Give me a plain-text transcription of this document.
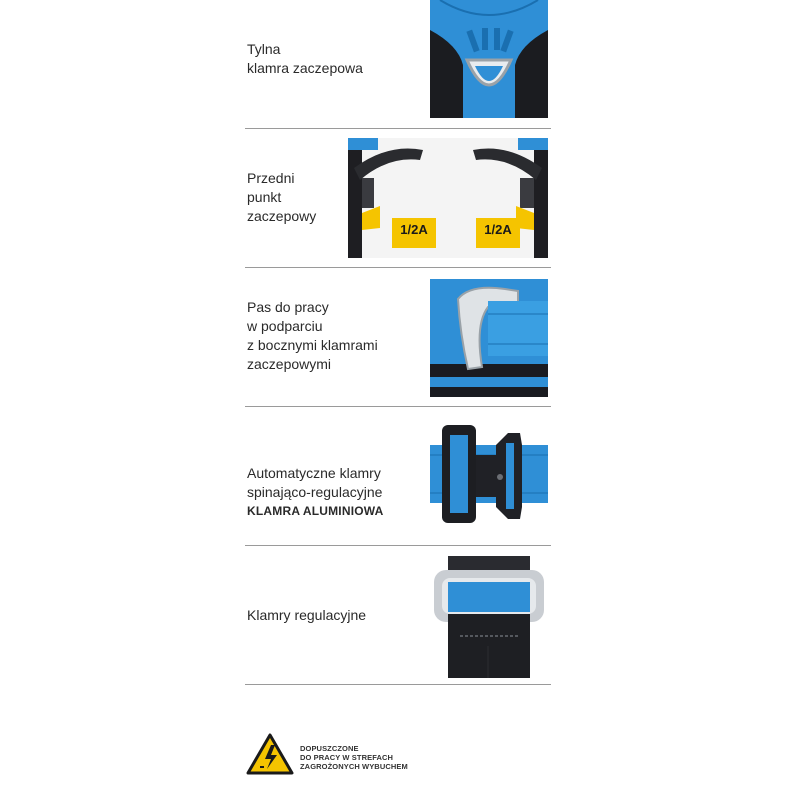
Tylna
klamra zaczepowa
Przedni
punkt
zaczepowy
1/2A	1/2A
Pas do pracy
w podparciu
z bocznymi klamrami
zaczepowymi

Automatyczne klamry
spinająco-regulacyjne

KLAMRA ALUMINIOWA

Klamry regulacyjne
DOPUSZCZONE
DO PRACY W STREFACH
ZAGROŻONYCH WYBUCHEM
